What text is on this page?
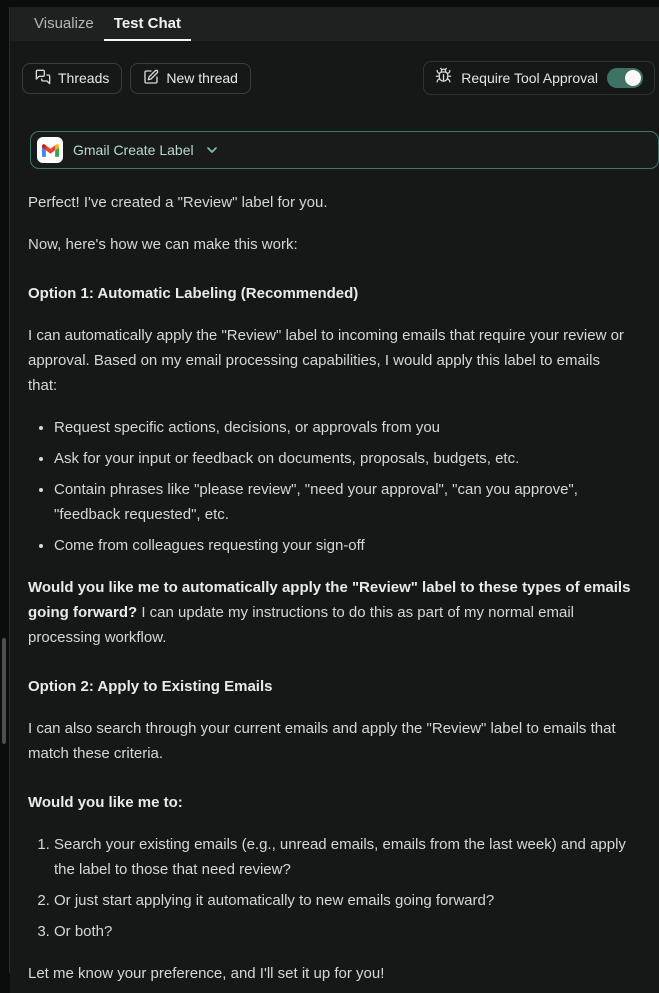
Visualize	Test Chat
Threads	New thread	Require Tool Approval
Gmail Create Label

Perfect! I've created a "Review" label for you.

Now, here's how we can make this work:

Option 1: Automatic Labeling (Recommended)

I can automatically apply the "Review" label to incoming emails that require your review or approval. Based on my email processing capabilities, I would apply this label to emails that:

• Request specific actions, decisions, or approvals from you
• Ask for your input or feedback on documents, proposals, budgets, etc.
• Contain phrases like "please review", "need your approval", "can you approve", "feedback requested", etc.
• Come from colleagues requesting your sign-off

Would you like me to automatically apply the "Review" label to these types of emails going forward? I can update my instructions to do this as part of my normal email processing workflow.

Option 2: Apply to Existing Emails

I can also search through your current emails and apply the "Review" label to emails that match these criteria.

Would you like me to:

1. Search your existing emails (e.g., unread emails, emails from the last week) and apply the label to those that need review?
2. Or just start applying it automatically to new emails going forward?
3. Or both?

Let me know your preference, and I'll set it up for you!
